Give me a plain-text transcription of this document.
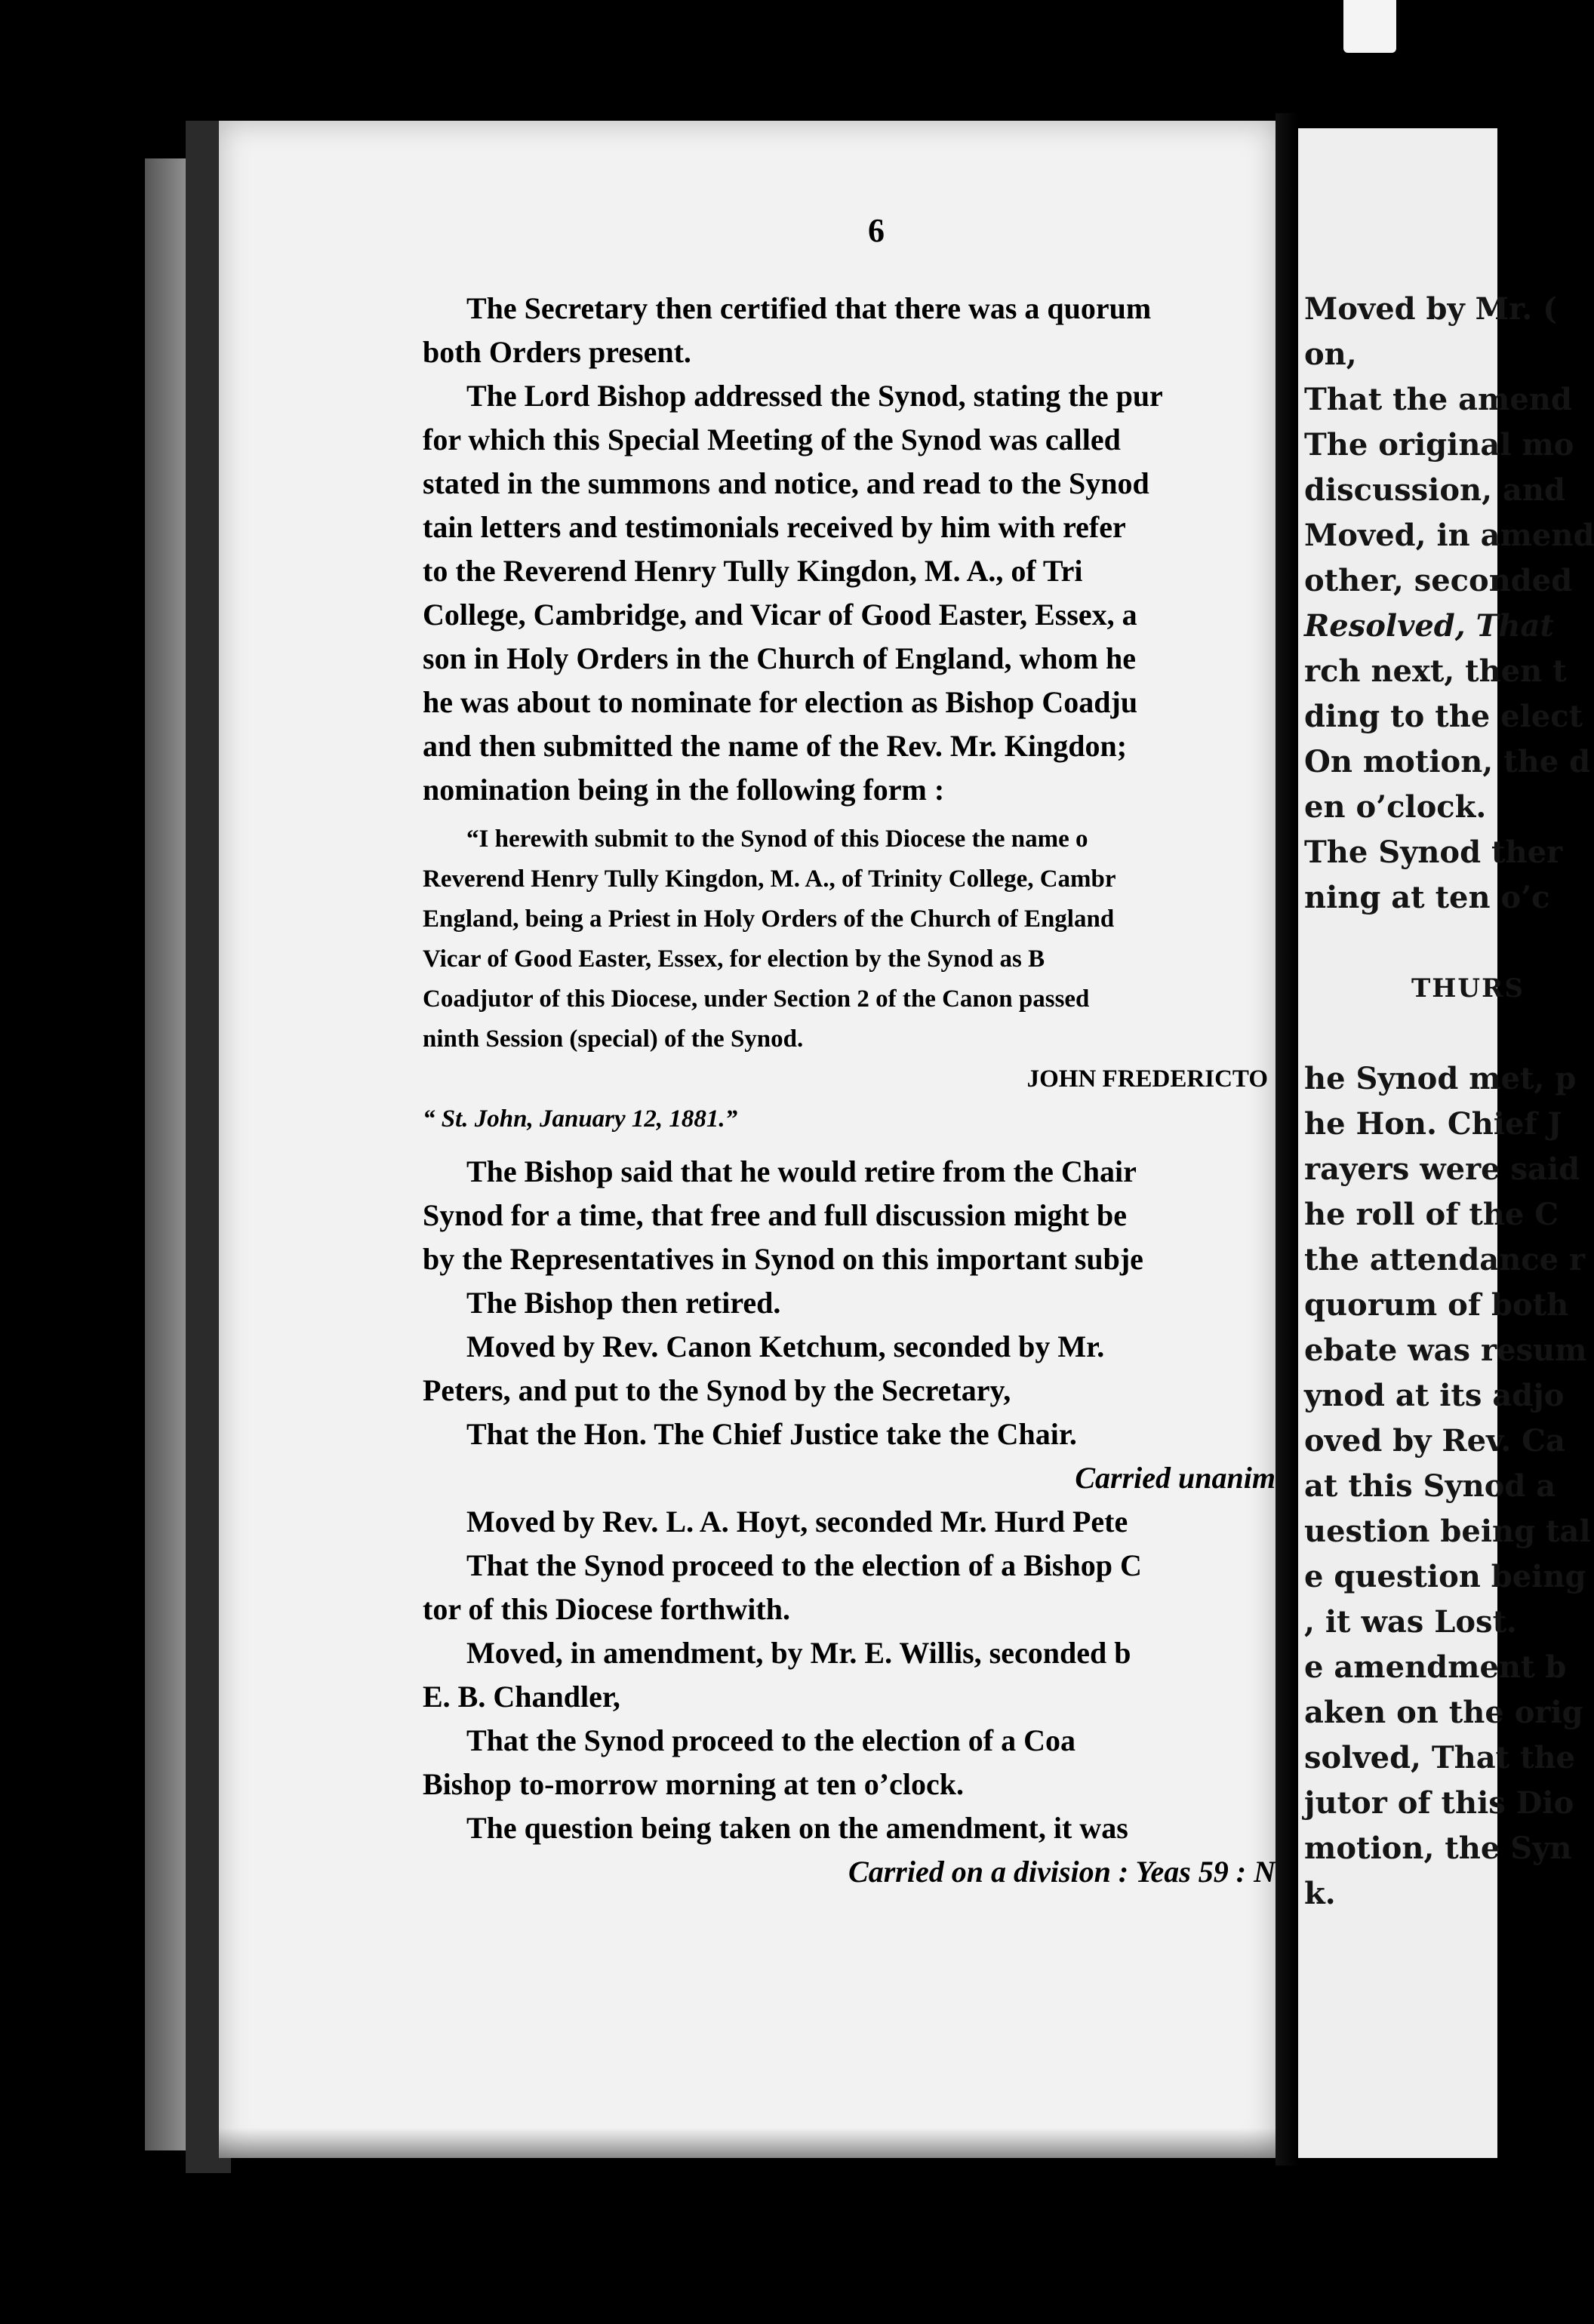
6
The Secretary then certified that there was a quorum
both Orders present.
The Lord Bishop addressed the Synod, stating the pur
for which this Special Meeting of the Synod was called
stated in the summons and notice, and read to the Synod
tain letters and testimonials received by him with refer
to the Reverend Henry Tully Kingdon, M. A., of Tri
College, Cambridge, and Vicar of Good Easter, Essex, a
son in Holy Orders in the Church of England, whom he
he was about to nominate for election as Bishop Coadju
and then submitted the name of the Rev. Mr. Kingdon;
nomination being in the following form :
“I herewith submit to the Synod of this Diocese the name o
Reverend Henry Tully Kingdon, M. A., of Trinity College, Cambr
England, being a Priest in Holy Orders of the Church of England
Vicar of Good Easter, Essex, for election by the Synod as B
Coadjutor of this Diocese, under Section 2 of the Canon passed
ninth Session (special) of the Synod.
JOHN FREDERICTO
“ St. John, January 12, 1881.”
The Bishop said that he would retire from the Chair
Synod for a time, that free and full discussion might be
by the Representatives in Synod on this important subje
The Bishop then retired.
Moved by Rev. Canon Ketchum, seconded by Mr.
Peters, and put to the Synod by the Secretary,
That the Hon. The Chief Justice take the Chair.
Carried unanim
Moved by Rev. L. A. Hoyt, seconded Mr. Hurd Pete
That the Synod proceed to the election of a Bishop C
tor of this Diocese forthwith.
Moved, in amendment, by Mr. E. Willis, seconded b
E. B. Chandler,
That the Synod proceed to the election of a Coa
Bishop to-morrow morning at ten o’clock.
The question being taken on the amendment, it was
Carried on a division : Yeas 59 : N
Moved by Mr. (
on,
That the amend
The original mo
discussion, and
Moved, in amend
other, seconded
Resolved, That
rch next, then t
ding to the elect
On motion, the d
en o’clock.
The Synod ther
ning at ten o’c

THURS

he Synod met, p
he Hon. Chief J
rayers were said
he roll of the C
the attendance r
quorum of both
ebate was resum
ynod at its adjo
oved by Rev. Ca
at this Synod a
uestion being tal
e question being
, it was Lost.
e amendment b
aken on the orig
solved, That the
jutor of this Dio
motion, the Syn
k.
